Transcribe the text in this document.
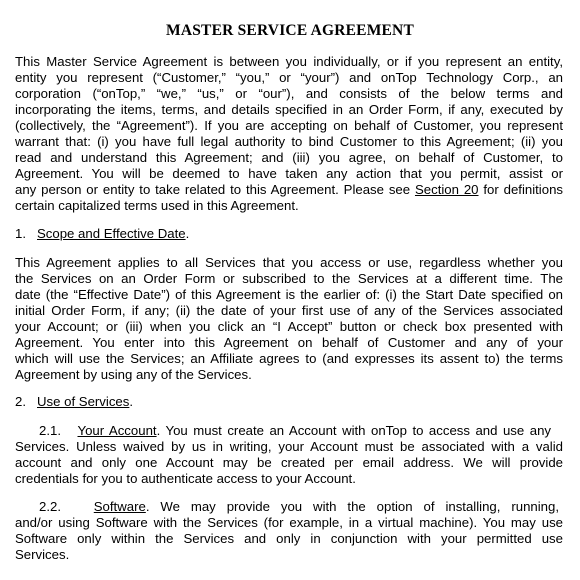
MASTER SERVICE AGREEMENT
This Master Service Agreement is between you individually, or if you represent an entity,
entity you represent (“Customer,” “you,” or “your”) and onTop Technology Corp., an
corporation (“onTop,” “we,” “us,” or “our”), and consists of the below terms and
incorporating the items, terms, and details specified in an Order Form, if any, executed by
(collectively, the “Agreement”). If you are accepting on behalf of Customer, you represent
warrant that: (i) you have full legal authority to bind Customer to this Agreement; (ii) you
read and understand this Agreement; and (iii) you agree, on behalf of Customer, to
Agreement. You will be deemed to have taken any action that you permit, assist or
any person or entity to take related to this Agreement. Please see Section 20 for definitions
certain capitalized terms used in this Agreement.
1. Scope and Effective Date.
This Agreement applies to all Services that you access or use, regardless whether you
the Services on an Order Form or subscribed to the Services at a different time. The
date (the “Effective Date”) of this Agreement is the earlier of: (i) the Start Date specified on
initial Order Form, if any; (ii) the date of your first use of any of the Services associated
your Account; or (iii) when you click an “I Accept” button or check box presented with
Agreement. You enter into this Agreement on behalf of Customer and any of your
which will use the Services; an Affiliate agrees to (and expresses its assent to) the terms
Agreement by using any of the Services.
2. Use of Services.
2.1. Your Account. You must create an Account with onTop to access and use any
Services. Unless waived by us in writing, your Account must be associated with a valid
account and only one Account may be created per email address. We will provide
credentials for you to authenticate access to your Account.
2.2. Software. We may provide you with the option of installing, running,
and/or using Software with the Services (for example, in a virtual machine). You may use
Software only within the Services and only in conjunction with your permitted use
Services.
